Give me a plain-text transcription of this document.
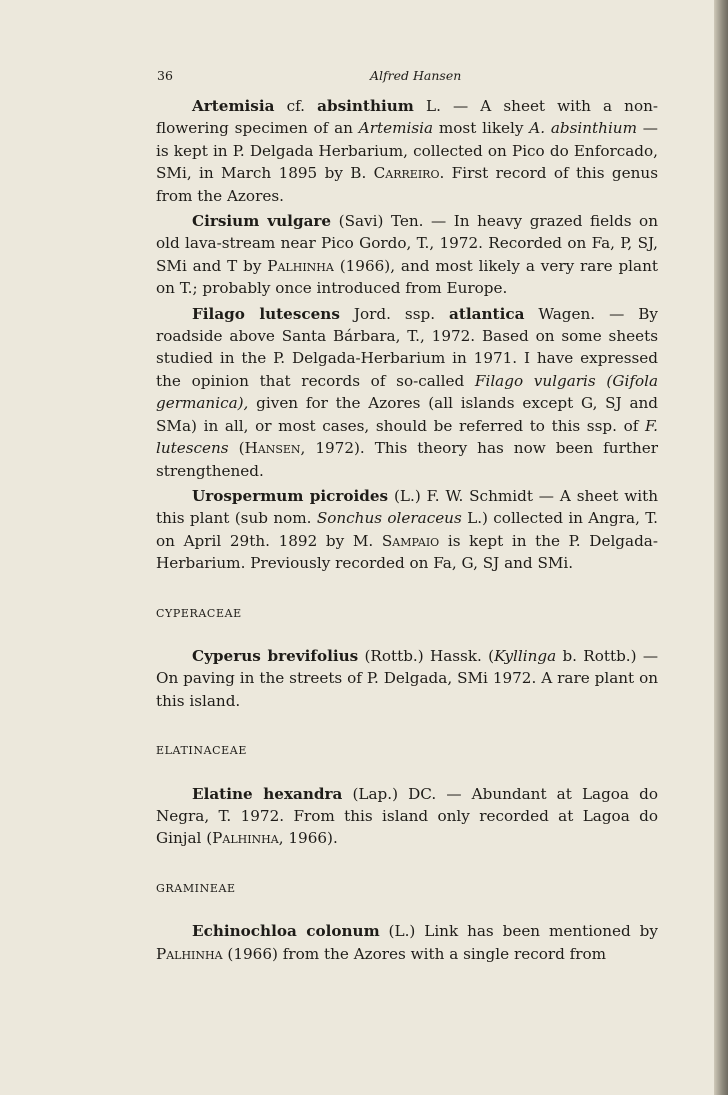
36	Alfred Hansen

Artemisia cf. absinthium L. — A sheet with a non-flowering specimen of an Artemisia most likely A. absinthium — is kept in P. Delgada Herbarium, collected on Pico do Enforcado, SMi, in March 1895 by B. Carreiro. First record of this genus from the Azores.

Cirsium vulgare (Savi) Ten. — In heavy grazed fields on old lava-stream near Pico Gordo, T., 1972. Recorded on Fa, P, SJ, SMi and T by Palhinha (1966), and most likely a very rare plant on T.; probably once introduced from Europe.

Filago lutescens Jord. ssp. atlantica Wagen. — By roadside above Santa Bárbara, T., 1972. Based on some sheets studied in the P. Delgada-Herbarium in 1971. I have expressed the opinion that records of so-called Filago vulgaris (Gifola germanica), given for the Azores (all islands except G, SJ and SMa) in all, or most cases, should be referred to this ssp. of F. lutescens (Hansen, 1972). This theory has now been further strengthened.

Urospermum picroides (L.) F. W. Schmidt — A sheet with this plant (sub nom. Sonchus oleraceus L.) collected in Angra, T. on April 29th. 1892 by M. Sampaio is kept in the P. Delgada-Herbarium. Previously recorded on Fa, G, SJ and SMi.

CYPERACEAE

Cyperus brevifolius (Rottb.) Hassk. (Kyllinga b. Rottb.) — On paving in the streets of P. Delgada, SMi 1972. A rare plant on this island.

ELATINACEAE

Elatine hexandra (Lap.) DC. — Abundant at Lagoa do Negra, T. 1972. From this island only recorded at Lagoa do Ginjal (Palhinha, 1966).

GRAMINEAE

Echinochloa colonum (L.) Link has been mentioned by Palhinha (1966) from the Azores with a single record from
